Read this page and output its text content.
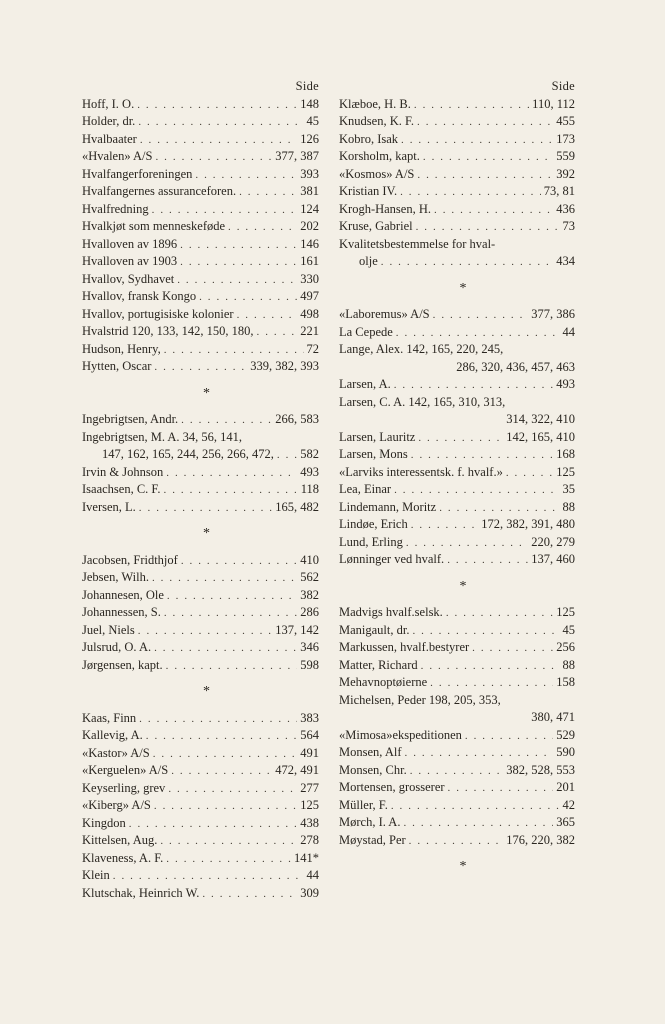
Side
Hoff, I. O. . . .	148
Holder, dr. . . .	45
Hvalbaater . . .	126
«Hvalen» A/S . . .	377, 387
Hvalfangerforeningen . . .	393
Hvalfangernes assuranceforen. . . .	381
Hvalfredning . . .	124
Hvalkjøt som menneskeføde . . .	202
Hvalloven av 1896 . . .	146
Hvalloven av 1903 . . .	161
Hvallov, Sydhavet . . .	330
Hvallov, fransk Kongo . . .	497
Hvallov, portugisiske kolonier . . .	498
Hvalstrid 120, 133, 142, 150, 180, . . .	221
Hudson, Henry, . . .	72
Hytten, Oscar . . .	339, 382, 393
*
Ingebrigtsen, Andr. . . .	266, 583
Ingebrigtsen, M. A. 34, 56, 141,
147, 162, 165, 244, 256, 266, 472, . . . 582
Irvin & Johnson . . .	493
Isaachsen, C. F. . . .	118
Iversen, L. . . .	165, 482
*
Jacobsen, Fridthjof . . .	410
Jebsen, Wilh. . . .	562
Johannesen, Ole . . .	382
Johannessen, S. . . .	286
Juel, Niels . . .	137, 142
Julsrud, O. A. . . .	346
Jørgensen, kapt. . . .	598
*
Kaas, Finn . . .	383
Kallevig, A. . . .	564
«Kastor» A/S . . .	491
«Kerguelen» A/S . . .	472, 491
Keyserling, grev . . .	277
«Kiberg» A/S . . .	125
Kingdon . . .	438
Kittelsen, Aug. . . .	278
Klaveness, A. F. . . .	141*
Klein . . .	44
Klutschak, Heinrich W. . . .	309
Side
Klæboe, H. B. . . .	110, 112
Knudsen, K. F. . . .	455
Kobro, Isak . . .	173
Korsholm, kapt. . . .	559
«Kosmos» A/S . . .	392
Kristian IV. . . .	73, 81
Krogh-Hansen, H. . . .	436
Kruse, Gabriel . . .	73
Kvalitetsbestemmelse for hval-
olje . . .	434
*
«Laboremus» A/S . . .	377, 386
La Cepede . . .	44
Lange, Alex. 142, 165, 220, 245,
286, 320, 436, 457, 463
Larsen, A. . . .	493
Larsen, C. A. 142, 165, 310, 313,
314, 322, 410
Larsen, Lauritz . . .	142, 165, 410
Larsen, Mons . . .	168
«Larviks interessentsk. f. hvalf.» . . .	125
Lea, Einar . . .	35
Lindemann, Moritz . . .	88
Lindøe, Erich . . .	172, 382, 391, 480
Lund, Erling . . .	220, 279
Lønninger ved hvalf. . . .	137, 460
*
Madvigs hvalf.selsk. . . .	125
Manigault, dr. . . .	45
Markussen, hvalf.bestyrer . . .	256
Matter, Richard . . .	88
Mehavnoptøierne . . .	158
Michelsen, Peder 198, 205, 353,
380, 471
«Mimosa»ekspeditionen . . .	529
Monsen, Alf . . .	590
Monsen, Chr. . . .	382, 528, 553
Mortensen, grosserer . . .	201
Müller, F. . . .	42
Mørch, I. A. . . .	365
Møystad, Per . . .	176, 220, 382
*
